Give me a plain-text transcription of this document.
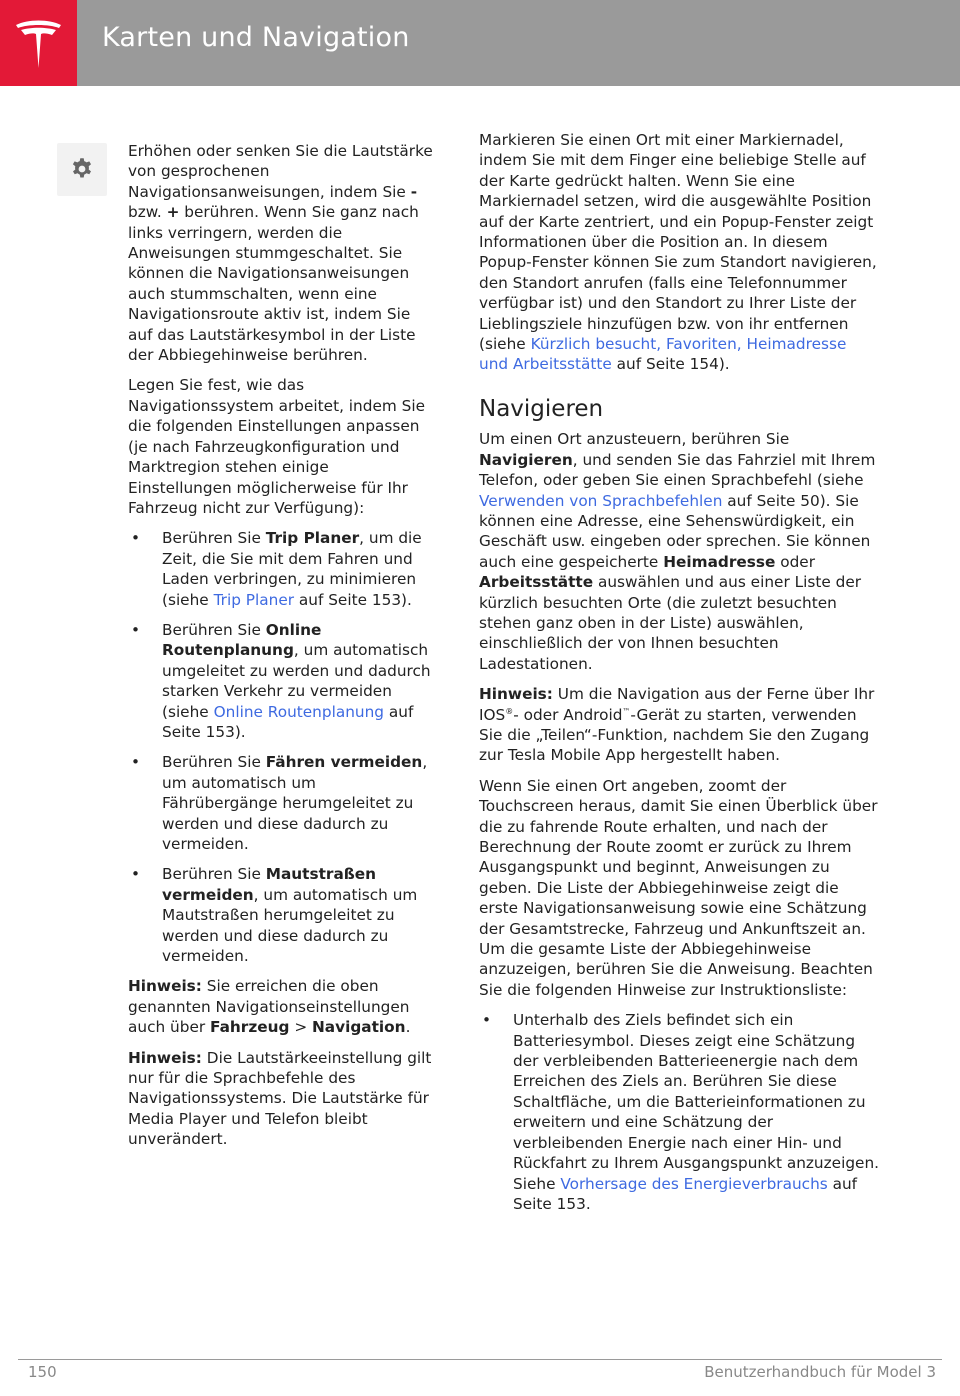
Karten und Navigation

Erhöhen oder senken Sie die Lautstärke von gesprochenen Navigationsanweisungen, indem Sie - bzw. + berühren. Wenn Sie ganz nach links verringern, werden die Anweisungen stummgeschaltet. Sie können die Navigationsanweisungen auch stummschalten, wenn eine Navigationsroute aktiv ist, indem Sie auf das Lautstärkesymbol in der Liste der Abbiegehinweise berühren.

Legen Sie fest, wie das Navigationssystem arbeitet, indem Sie die folgenden Einstellungen anpassen (je nach Fahrzeugkonfiguration und Marktregion stehen einige Einstellungen möglicherweise für Ihr Fahrzeug nicht zur Verfügung):

• Berühren Sie Trip Planer, um die Zeit, die Sie mit dem Fahren und Laden verbringen, zu minimieren (siehe Trip Planer auf Seite 153).
• Berühren Sie Online Routenplanung, um automatisch umgeleitet zu werden und dadurch starken Verkehr zu vermeiden (siehe Online Routenplanung auf Seite 153).
• Berühren Sie Fähren vermeiden, um automatisch um Fährübergänge herumgeleitet zu werden und diese dadurch zu vermeiden.
• Berühren Sie Mautstraßen vermeiden, um automatisch um Mautstraßen herumgeleitet zu werden und diese dadurch zu vermeiden.

Hinweis: Sie erreichen die oben genannten Navigationseinstellungen auch über Fahrzeug > Navigation.

Hinweis: Die Lautstärkeeinstellung gilt nur für die Sprachbefehle des Navigationssystems. Die Lautstärke für Media Player und Telefon bleibt unverändert.

Markieren Sie einen Ort mit einer Markiernadel, indem Sie mit dem Finger eine beliebige Stelle auf der Karte gedrückt halten. Wenn Sie eine Markiernadel setzen, wird die ausgewählte Position auf der Karte zentriert, und ein Popup-Fenster zeigt Informationen über die Position an. In diesem Popup-Fenster können Sie zum Standort navigieren, den Standort anrufen (falls eine Telefonnummer verfügbar ist) und den Standort zu Ihrer Liste der Lieblingsziele hinzufügen bzw. von ihr entfernen (siehe Kürzlich besucht, Favoriten, Heimadresse und Arbeitsstätte auf Seite 154).

Navigieren

Um einen Ort anzusteuern, berühren Sie Navigieren, und senden Sie das Fahrziel mit Ihrem Telefon, oder geben Sie einen Sprachbefehl (siehe Verwenden von Sprachbefehlen auf Seite 50). Sie können eine Adresse, eine Sehenswürdigkeit, ein Geschäft usw. eingeben oder sprechen. Sie können auch eine gespeicherte Heimadresse oder Arbeitsstätte auswählen und aus einer Liste der kürzlich besuchten Orte (die zuletzt besuchten stehen ganz oben in der Liste) auswählen, einschließlich der von Ihnen besuchten Ladestationen.

Hinweis: Um die Navigation aus der Ferne über Ihr IOS®- oder Android™-Gerät zu starten, verwenden Sie die „Teilen“-Funktion, nachdem Sie den Zugang zur Tesla Mobile App hergestellt haben.

Wenn Sie einen Ort angeben, zoomt der Touchscreen heraus, damit Sie einen Überblick über die zu fahrende Route erhalten, und nach der Berechnung der Route zoomt er zurück zu Ihrem Ausgangspunkt und beginnt, Anweisungen zu geben. Die Liste der Abbiegehinweise zeigt die erste Navigationsanweisung sowie eine Schätzung der Gesamtstrecke, Fahrzeug und Ankunftszeit an. Um die gesamte Liste der Abbiegehinweise anzuzeigen, berühren Sie die Anweisung. Beachten Sie die folgenden Hinweise zur Instruktionsliste:

• Unterhalb des Ziels befindet sich ein Batteriesymbol. Dieses zeigt eine Schätzung der verbleibenden Batterieenergie nach dem Erreichen des Ziels an. Berühren Sie diese Schaltfläche, um die Batterieinformationen zu erweitern und eine Schätzung der verbleibenden Energie nach einer Hin- und Rückfahrt zu Ihrem Ausgangspunkt anzuzeigen. Siehe Vorhersage des Energieverbrauchs auf Seite 153.
150	Benutzerhandbuch für Model 3
